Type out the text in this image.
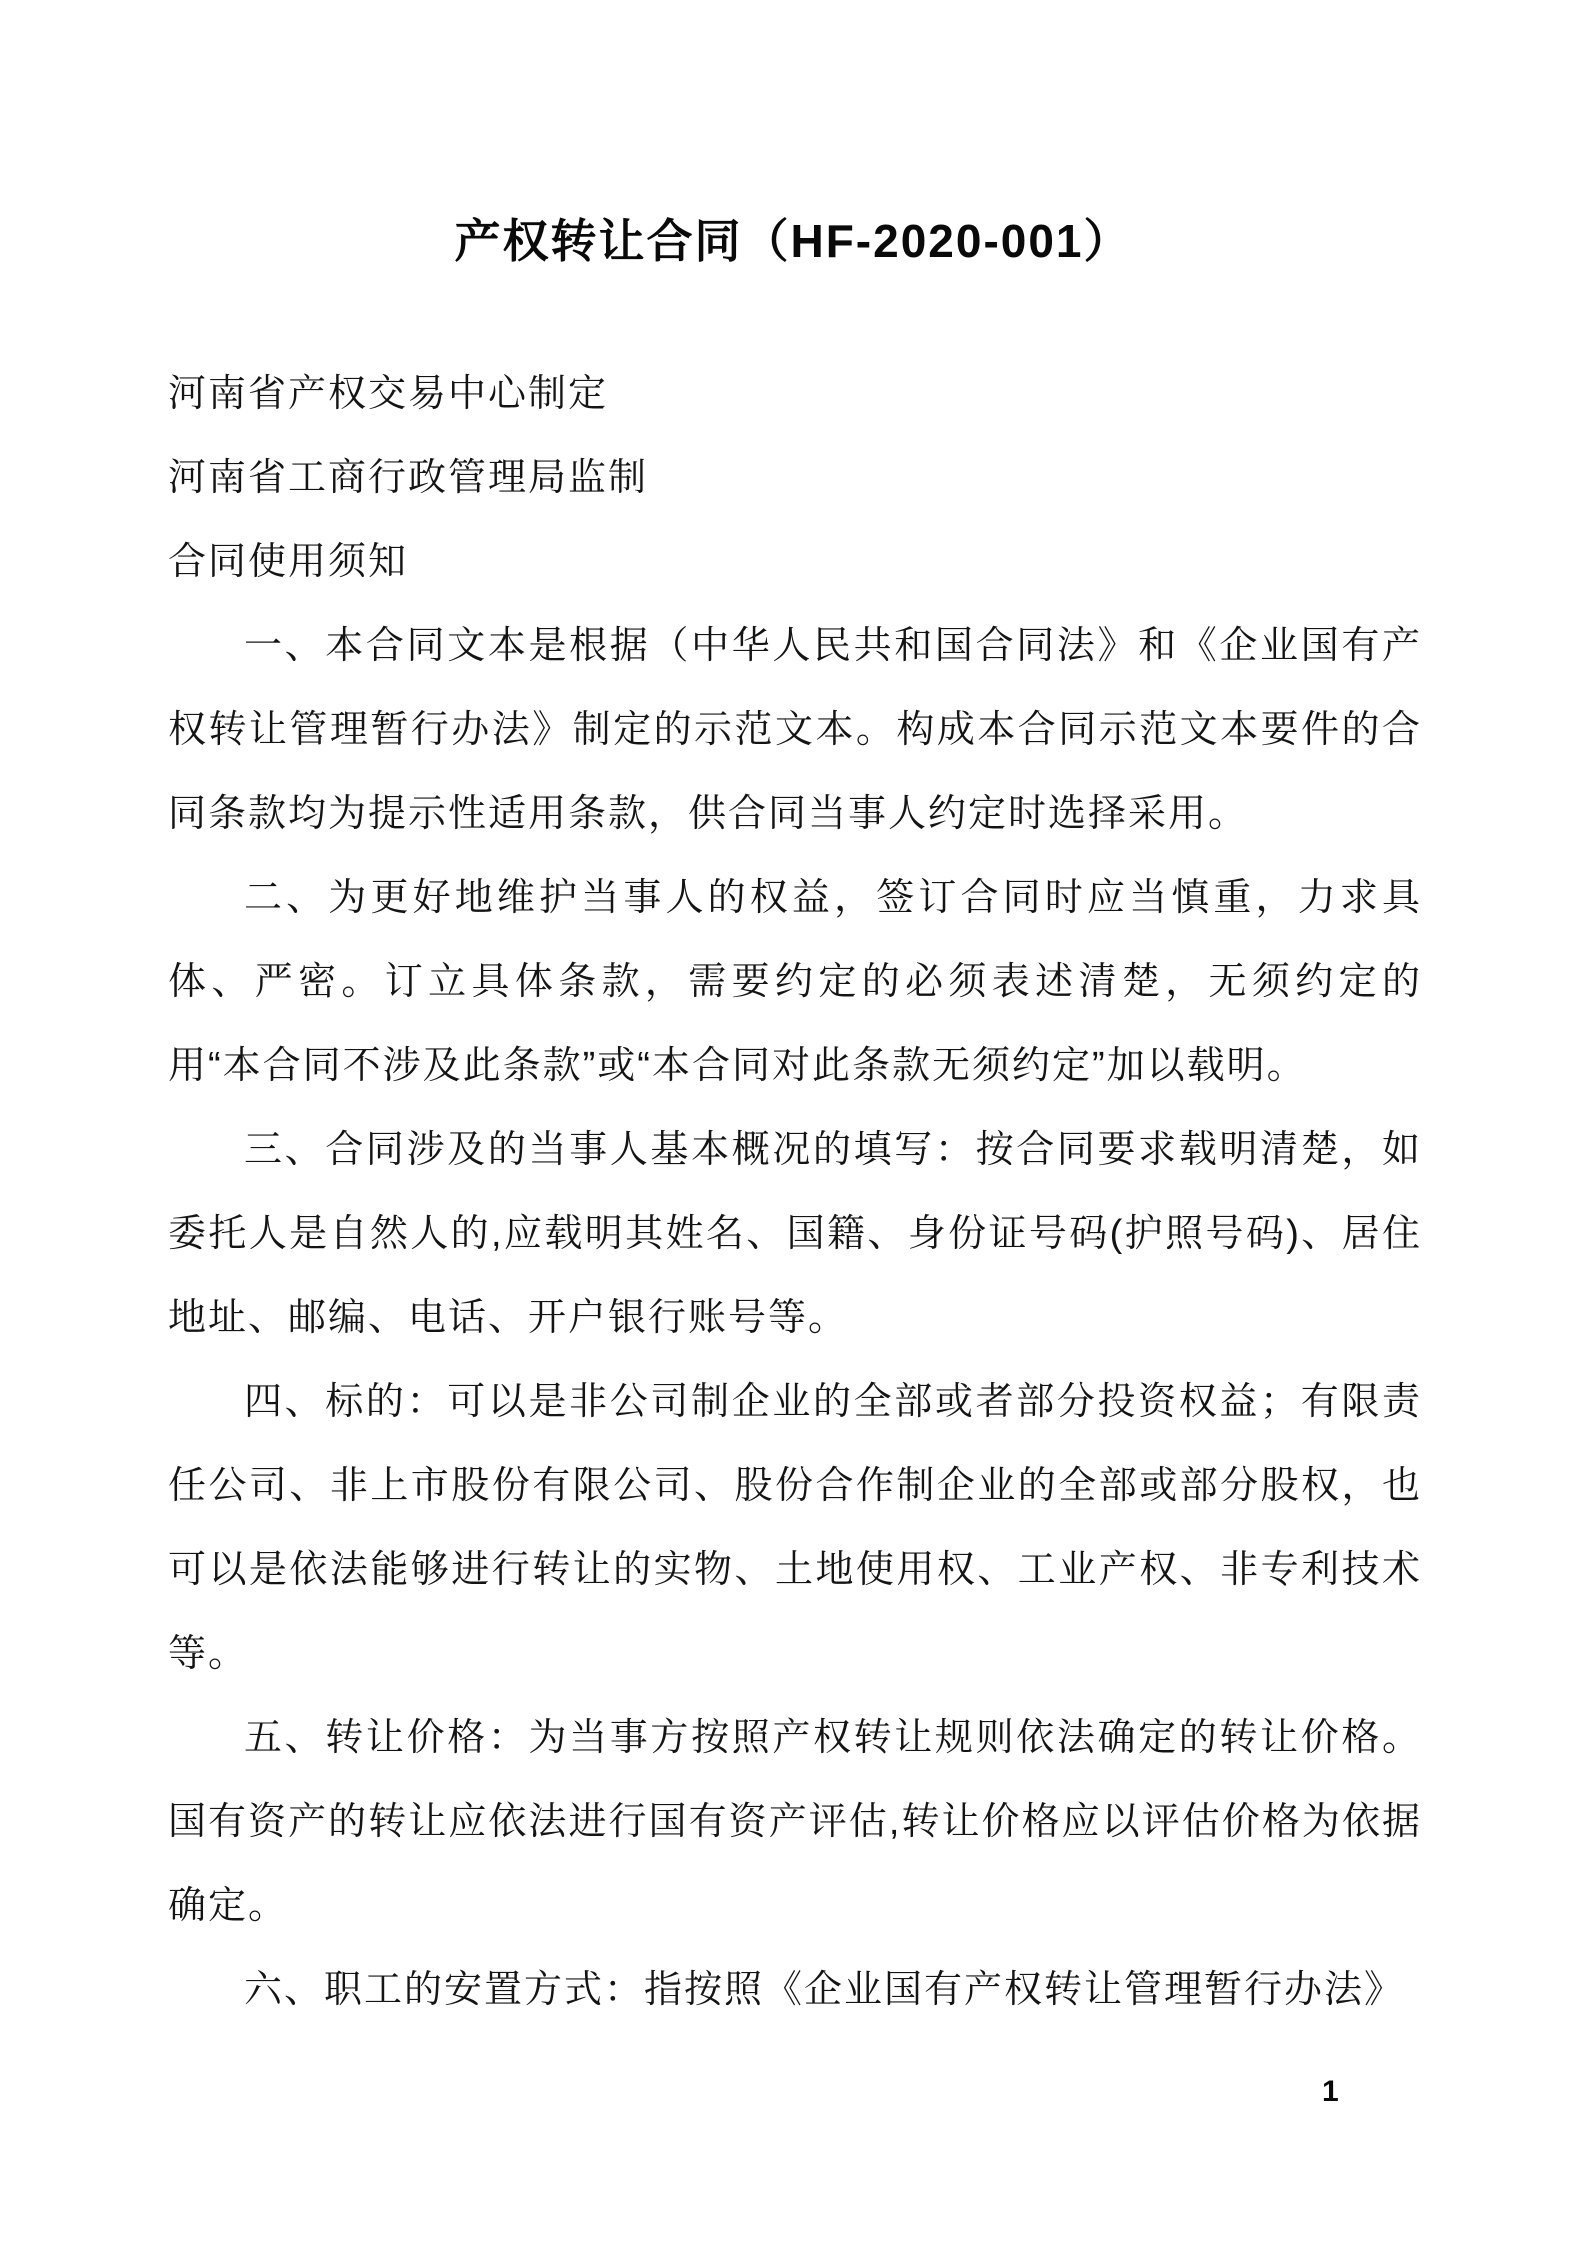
产权转让合同（HF-2020-001）

河南省产权交易中心制定

河南省工商行政管理局监制

合同使用须知

一、本合同文本是根据（中华人民共和国合同法》和《企业国有产权转让管理暂行办法》制定的示范文本。构成本合同示范文本要件的合同条款均为提示性适用条款，供合同当事人约定时选择采用。

二、为更好地维护当事人的权益，签订合同时应当慎重，力求具体、严密。订立具体条款，需要约定的必须表述清楚，无须约定的用“本合同不涉及此条款”或“本合同对此条款无须约定”加以载明。

三、合同涉及的当事人基本概况的填写：按合同要求载明清楚，如委托人是自然人的,应载明其姓名、国籍、身份证号码(护照号码)、居住地址、邮编、电话、开户银行账号等。

四、标的：可以是非公司制企业的全部或者部分投资权益；有限责任公司、非上市股份有限公司、股份合作制企业的全部或部分股权，也可以是依法能够进行转让的实物、土地使用权、工业产权、非专利技术等。

五、转让价格：为当事方按照产权转让规则依法确定的转让价格。国有资产的转让应依法进行国有资产评估,转让价格应以评估价格为依据确定。

六、职工的安置方式：指按照《企业国有产权转让管理暂行办法》

1
